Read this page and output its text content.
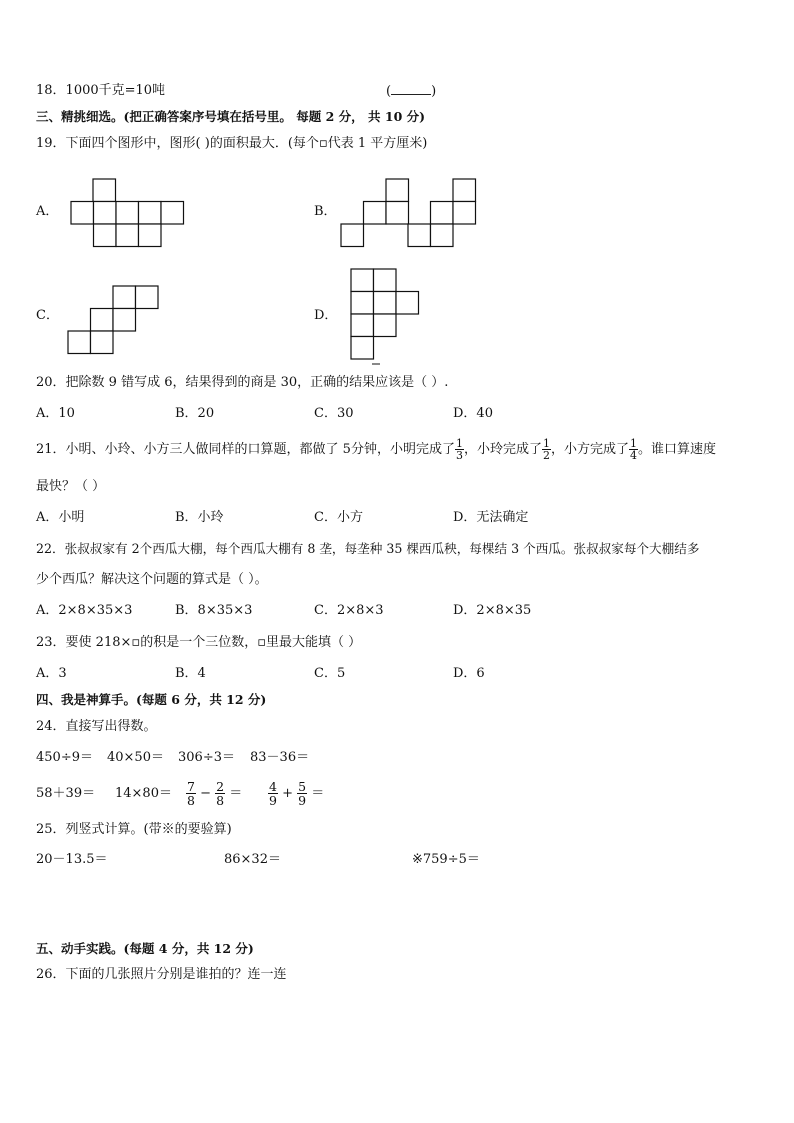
18．1000千克=10吨	(	)
三、精挑细选。(把正确答案序号填在括号里。 每题 2 分， 共 10 分)
19．下面四个图形中，图形( )的面积最大．(每个▫代表 1 平方厘米)
A．	B．
C．	D．
20．把除数 9 错写成 6，结果得到的商是 30，正确的结果应该是（ ）.
A．10	B．20	C．30	D．40
21．小明、小玲、小方三人做同样的口算题，都做了 5分钟，小明完成了 $\frac{1}{3}$ ，小玲完成了 $\frac{1}{2}$ ，小方完成了 $\frac{1}{4}$ 。谁口算速度
最快？（ ）
A．小明	B．小玲	C．小方	D．无法确定
22．张叔叔家有 2个西瓜大棚，每个西瓜大棚有 8 垄，每垄种 35 棵西瓜秧，每棵结 3 个西瓜。张叔叔家每个大棚结多
少个西瓜？解决这个问题的算式是（ ）。
A．2×8×35×3	B．8×35×3	C．2×8×3	D．2×8×35
23．要使 218×▫的积是一个三位数，▫里最大能填（ ）
A．3	B．4	C．5	D．6
四、我是神算手。(每题 6 分，共 12 分)
24．直接写出得数。
450÷9＝ 40×50＝ 306÷3＝ 83－36＝
$58+39= 14\times 80= \frac{7}{8} - \frac{2}{8} = \frac{4}{9} + \frac{5}{9}$ ＝
25．列竖式计算。(带※的要验算)
20－13.5＝	86×32＝	※759÷5＝
五、动手实践。(每题 4 分，共 12 分)
26．下面的几张照片分别是谁拍的？连一连
